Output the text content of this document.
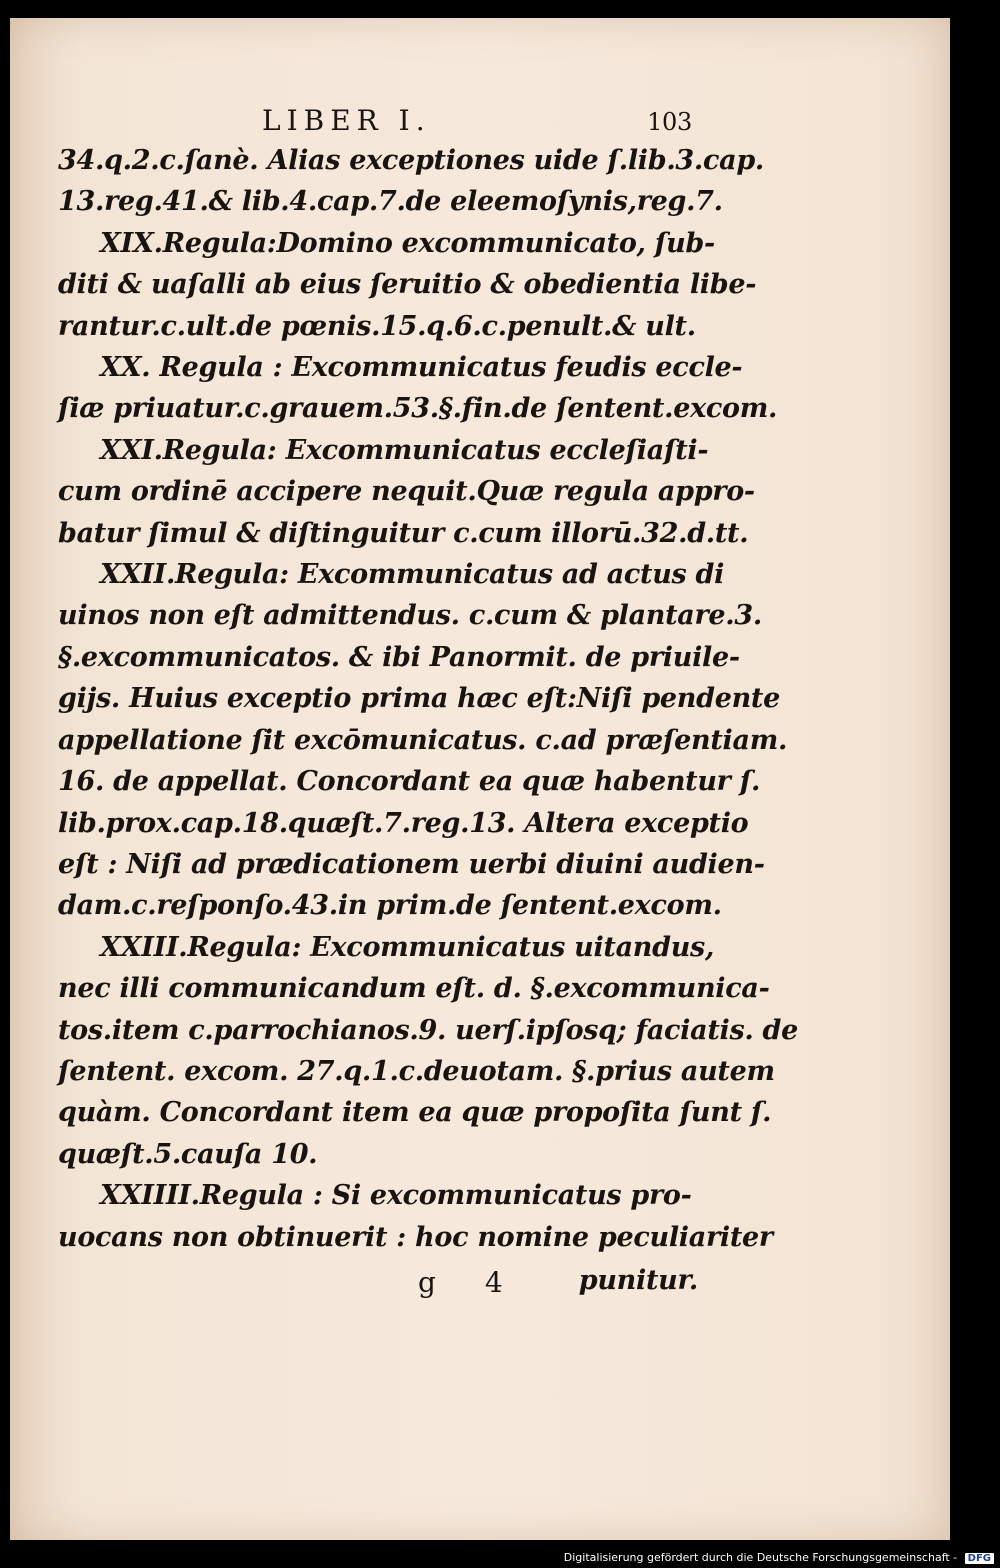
LIBER I.	103
34.q.2.c.ſanè. Alias exceptiones uide ſ.lib.3.cap.
13.reg.41.& lib.4.cap.7.de eleemoſynis,reg.7.
XIX.Regula:Domino excommunicato, ſub-
diti & uaſalli ab eius ſeruitio & obedientia libe-
rantur.c.ult.de pœnis.15.q.6.c.penult.& ult.
XX. Regula : Excommunicatus feudis eccle-
ſiæ priuatur.c.grauem.53.§.fin.de ſentent.excom.
XXI.Regula: Excommunicatus eccleſiaſti-
cum ordinē accipere nequit.Quæ regula appro-
batur ſimul & diſtinguitur c.cum illorū.32.d.tt.
XXII.Regula: Excommunicatus ad actus di
uinos non eſt admittendus. c.cum & plantare.3.
§.excommunicatos. & ibi Panormit. de priuile-
gijs. Huius exceptio prima hæc eſt:Niſi pendente
appellatione ſit excōmunicatus. c.ad præſentiam.
16. de appellat. Concordant ea quæ habentur ſ.
lib.prox.cap.18.quæſt.7.reg.13. Altera exceptio
eſt : Niſi ad prædicationem uerbi diuini audien-
dam.c.reſponſo.43.in prim.de ſentent.excom.
XXIII.Regula: Excommunicatus uitandus,
nec illi communicandum eſt. d. §.excommunica-
tos.item c.parrochianos.9. uerſ.ipſosq; faciatis. de
ſentent. excom. 27.q.1.c.deuotam. §.prius autem
quàm. Concordant item ea quæ propoſita ſunt ſ.
quæſt.5.cauſa 10.
XXIIII.Regula : Si excommunicatus pro-
uocans non obtinuerit : hoc nomine peculiariter
g 4 punitur.
Digitalisierung gefördert durch die Deutsche Forschungsgemeinschaft - DFG
